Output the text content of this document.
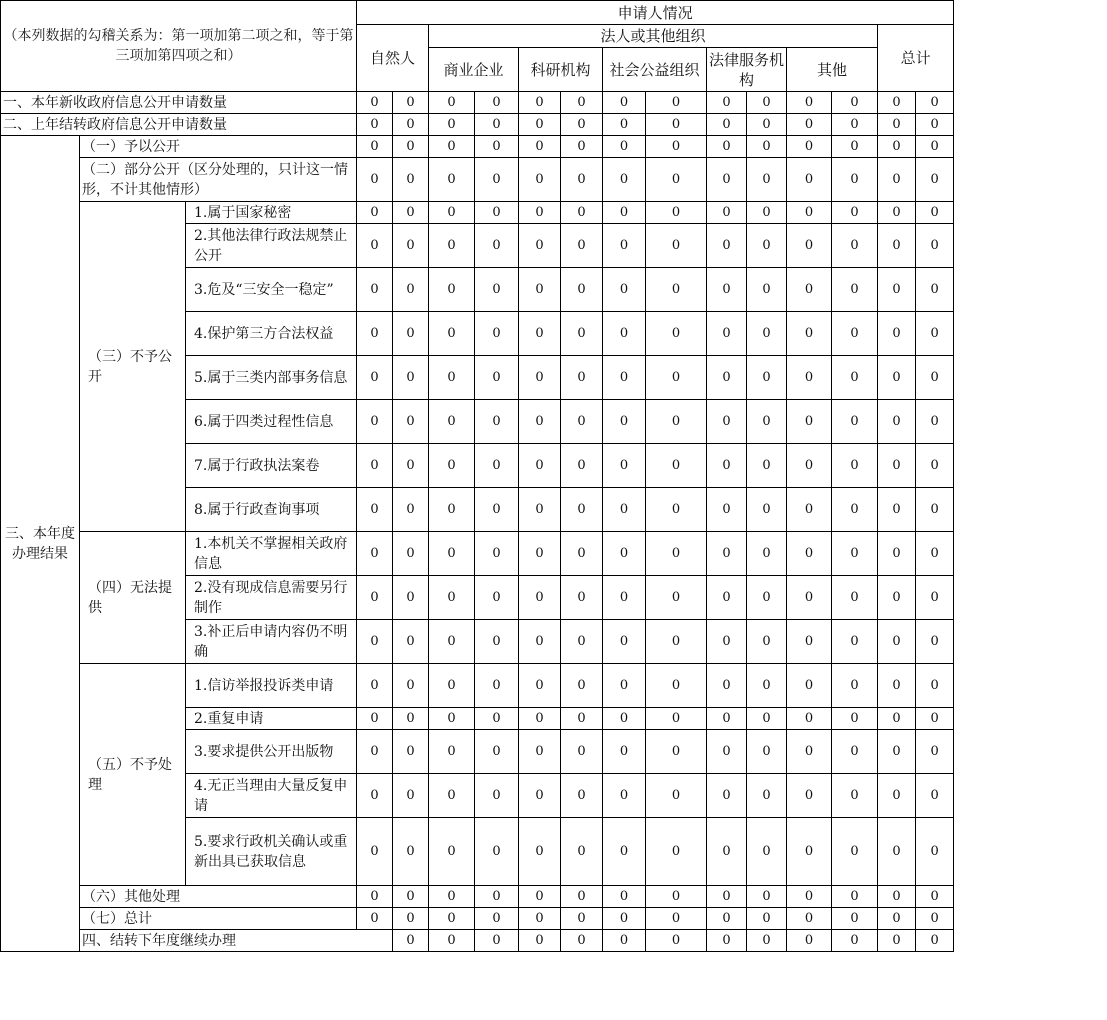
（本列数据的勾稽关系为：第一项加第二项之和，等于第三项加第四项之和）			申请人情况														
			自然人		法人或其他组织										总计		
					商业企业		科研机构		社会公益组织		法律服务机构		其他				
一、本年新收政府信息公开申请数量			0	0	0	0	0	0	0	0	0	0	0	0	0	0	
二、上年结转政府信息公开申请数量			0	0	0	0	0	0	0	0	0	0	0	0	0	0	
三、本年度办理结果	（一）予以公开		0	0	0	0	0	0	0	0	0	0	0	0	0	0	
	（二）部分公开（区分处理的，只计这一情形，不计其他情形）		0	0	0	0	0	0	0	0	0	0	0	0	0	0	
	（三）不予公开	1.属于国家秘密	0	0	0	0	0	0	0	0	0	0	0	0	0	0	
		2.其他法律行政法规禁止公开	0	0	0	0	0	0	0	0	0	0	0	0	0	0	
		3.危及“三安全一稳定”	0	0	0	0	0	0	0	0	0	0	0	0	0	0	
		4.保护第三方合法权益	0	0	0	0	0	0	0	0	0	0	0	0	0	0	
		5.属于三类内部事务信息	0	0	0	0	0	0	0	0	0	0	0	0	0	0	
		6.属于四类过程性信息	0	0	0	0	0	0	0	0	0	0	0	0	0	0	
		7.属于行政执法案卷	0	0	0	0	0	0	0	0	0	0	0	0	0	0	
		8.属于行政查询事项	0	0	0	0	0	0	0	0	0	0	0	0	0	0	
	（四）无法提供	1.本机关不掌握相关政府信息	0	0	0	0	0	0	0	0	0	0	0	0	0	0	
		2.没有现成信息需要另行制作	0	0	0	0	0	0	0	0	0	0	0	0	0	0	
		3.补正后申请内容仍不明确	0	0	0	0	0	0	0	0	0	0	0	0	0	0	
	（五）不予处理	1.信访举报投诉类申请	0	0	0	0	0	0	0	0	0	0	0	0	0	0	
		2.重复申请	0	0	0	0	0	0	0	0	0	0	0	0	0	0	
		3.要求提供公开出版物	0	0	0	0	0	0	0	0	0	0	0	0	0	0	
		4.无正当理由大量反复申请	0	0	0	0	0	0	0	0	0	0	0	0	0	0	
		5.要求行政机关确认或重新出具已获取信息	0	0	0	0	0	0	0	0	0	0	0	0	0	0	
	（六）其他处理		0	0	0	0	0	0	0	0	0	0	0	0	0	0	
	（七）总计		0	0	0	0	0	0	0	0	0	0	0	0	0	0	
	四、结转下年度继续办理			0	0	0	0	0	0	0	0	0	0	0	0	0	
